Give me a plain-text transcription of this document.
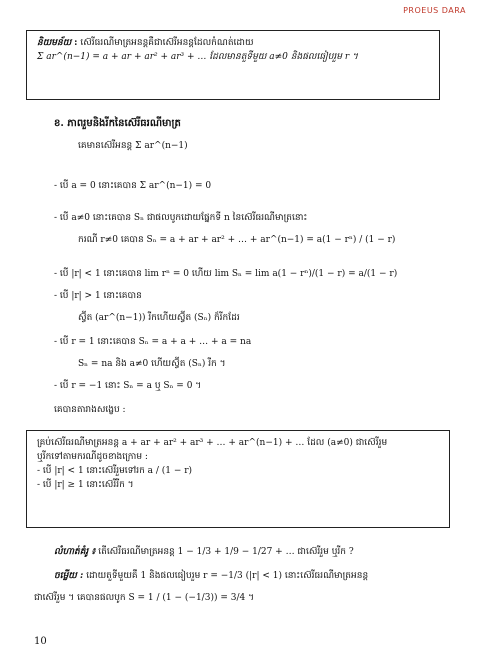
PROEUS DARA
និយមន័យ : ស៊េរីធរណីមាត្រអនន្តគឺជាស៊េរីអនន្តដែលកំណត់ដោយ
Σ ar^(n−1) = a + ar + ar² + ar³ + … ដែលមានតួទីមួយ a≠0 និងផលធៀបរួម r ។
ខ. ភាពរួមនិងរីកនៃស៊េរីធរណីមាត្រ
គេមានស៊េរីអនន្ត Σ ar^(n−1)
- បើ a = 0 នោះគេបាន Σ ar^(n−1) = 0
- បើ a≠0 នោះគេបាន Sₙ ជាផលបូកដោយផ្នែកទី n នៃស៊េរីធរណីមាត្រនោះ
ករណី r≠0 គេបាន Sₙ = a + ar + ar² + … + ar^(n−1) = a(1 − rⁿ) / (1 − r)
- បើ |r| < 1 នោះគេបាន lim rⁿ = 0 ហើយ lim Sₙ = lim a(1 − rⁿ)/(1 − r) = a/(1 − r)
- បើ |r| > 1 នោះគេបាន
ស្វ៊ីត (ar^(n−1)) រីកហើយស្វ៊ីត (Sₙ) ក៏រីកដែរ
- បើ r = 1 នោះគេបាន Sₙ = a + a + … + a = na
Sₙ = na និង a≠0 ហើយស្វ៊ីត (Sₙ) រីក ។
- បើ r = −1 នោះ Sₙ = a ឬ Sₙ = 0 ។
គេបានតារាងសង្ខេប :
គ្រប់ស៊េរីធរណីមាត្រអនន្ត a + ar + ar² + ar³ + … + ar^(n−1) + … ដែល (a≠0) ជាស៊េរីរួម
ឬរីកទៅតាមករណីដូចខាងក្រោម :
- បើ |r| < 1 នោះស៊េរីរួមទៅរក a / (1 − r)
- បើ |r| ≥ 1 នោះស៊េរីរីក ។
លំហាត់គំរូ ៖ តើស៊េរីធរណីមាត្រអនន្ត 1 − 1/3 + 1/9 − 1/27 + … ជាស៊េរីរួម ឬរីក ?
ចម្លើយ : ដោយតួទីមួយគឺ 1 និងផលធៀបរួម r = −1/3 (|r| < 1) នោះស៊េរីធរណីមាត្រអនន្ត
ជាស៊េរីរួម ។ គេបានផលបូក S = 1 / (1 − (−1/3)) = 3/4 ។
10
